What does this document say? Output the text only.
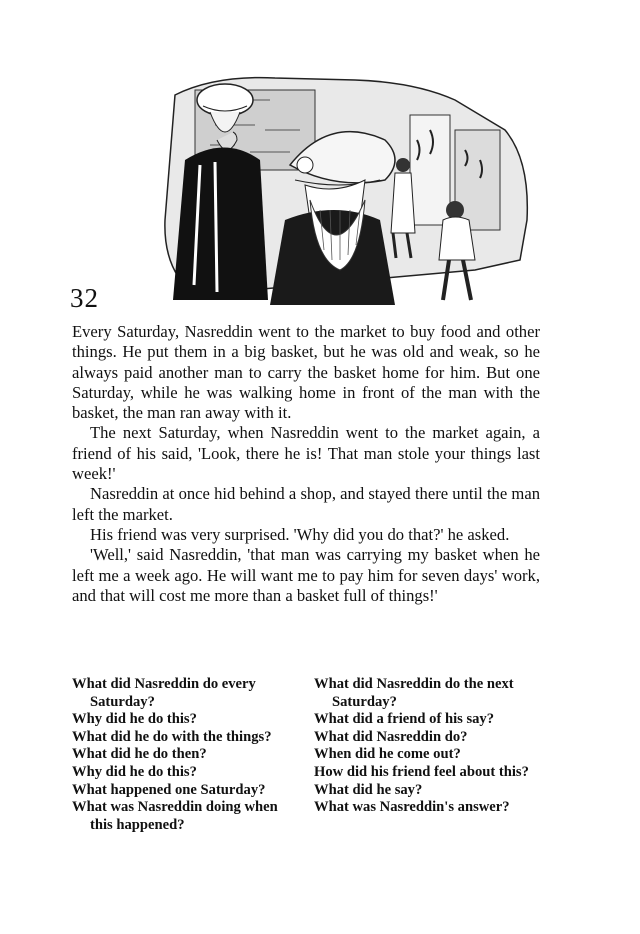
32

Every Saturday, Nasreddin went to the market to buy food and other things. He put them in a big basket, but he was old and weak, so he always paid another man to carry the basket home for him. But one Saturday, while he was walking home in front of the man with the basket, the man ran away with it.

The next Saturday, when Nasreddin went to the market again, a friend of his said, 'Look, there he is! That man stole your things last week!'

Nasreddin at once hid behind a shop, and stayed there until the man left the market.

His friend was very surprised. 'Why did you do that?' he asked.

'Well,' said Nasreddin, 'that man was carrying my basket when he left me a week ago. He will want me to pay him for seven days' work, and that will cost me more than a basket full of things!'

What did Nasreddin do every Saturday?
Why did he do this?
What did he do with the things?
What did he do then?
Why did he do this?
What happened one Saturday?
What was Nasreddin doing when this happened?
What did Nasreddin do the next Saturday?
What did a friend of his say?
What did Nasreddin do?
When did he come out?
How did his friend feel about this?
What did he say?
What was Nasreddin's answer?
